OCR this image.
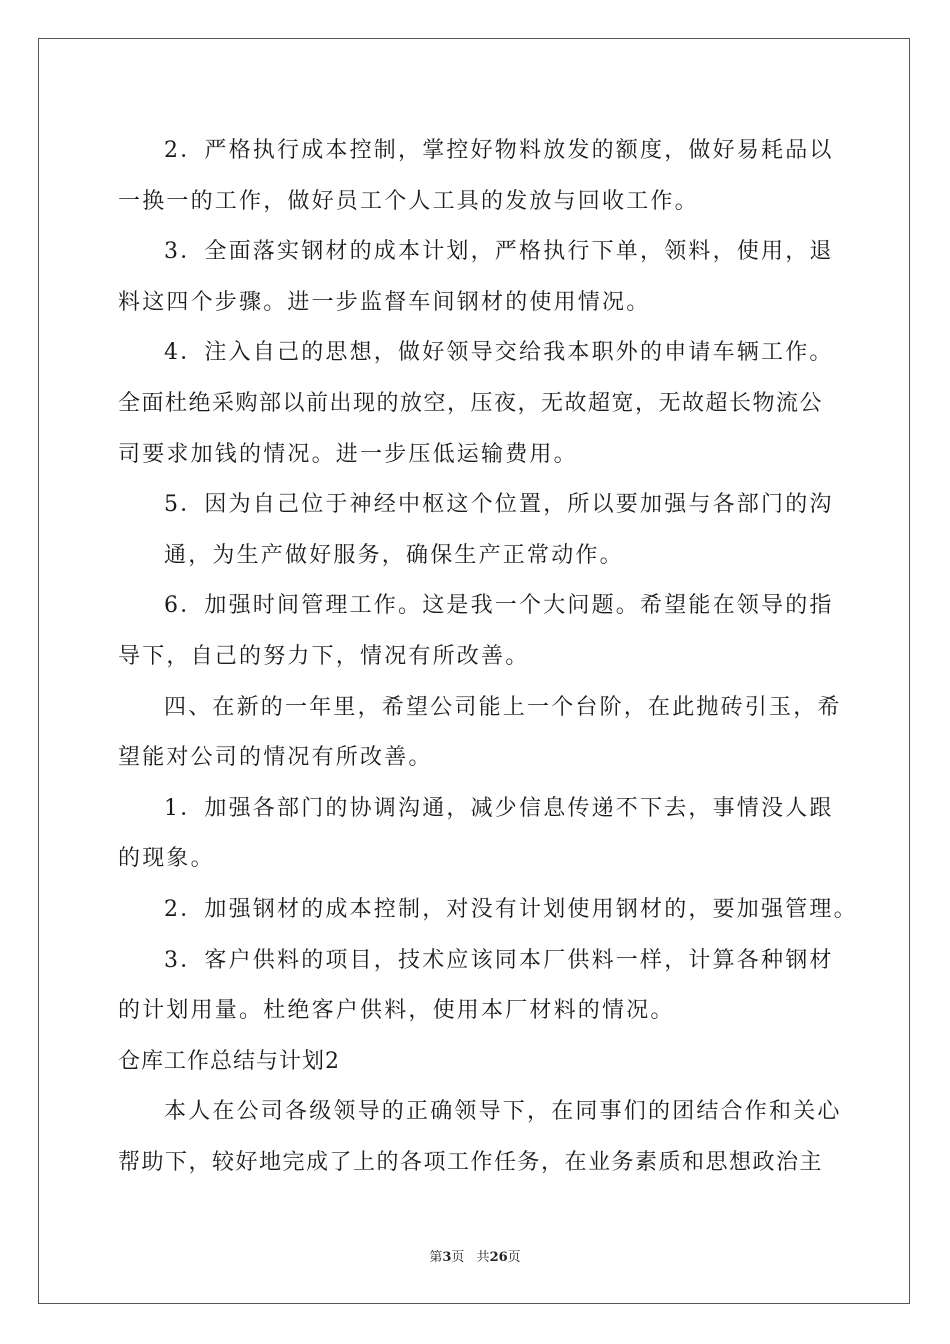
2．严格执行成本控制，掌控好物料放发的额度，做好易耗品以
一换一的工作，做好员工个人工具的发放与回收工作。
3．全面落实钢材的成本计划，严格执行下单，领料，使用，退
料这四个步骤。进一步监督车间钢材的使用情况。
4．注入自己的思想，做好领导交给我本职外的申请车辆工作。
全面杜绝采购部以前出现的放空，压夜，无故超宽，无故超长物流公
司要求加钱的情况。进一步压低运输费用。
5．因为自己位于神经中枢这个位置，所以要加强与各部门的沟
通，为生产做好服务，确保生产正常动作。
6．加强时间管理工作。这是我一个大问题。希望能在领导的指
导下，自己的努力下，情况有所改善。
四、在新的一年里，希望公司能上一个台阶，在此抛砖引玉，希
望能对公司的情况有所改善。
1．加强各部门的协调沟通，减少信息传递不下去，事情没人跟
的现象。
2．加强钢材的成本控制，对没有计划使用钢材的，要加强管理。
3．客户供料的项目，技术应该同本厂供料一样，计算各种钢材
的计划用量。杜绝客户供料，使用本厂材料的情况。
仓库工作总结与计划2
本人在公司各级领导的正确领导下，在同事们的团结合作和关心
帮助下，较好地完成了上的各项工作任务，在业务素质和思想政治主
第3页 共26页
